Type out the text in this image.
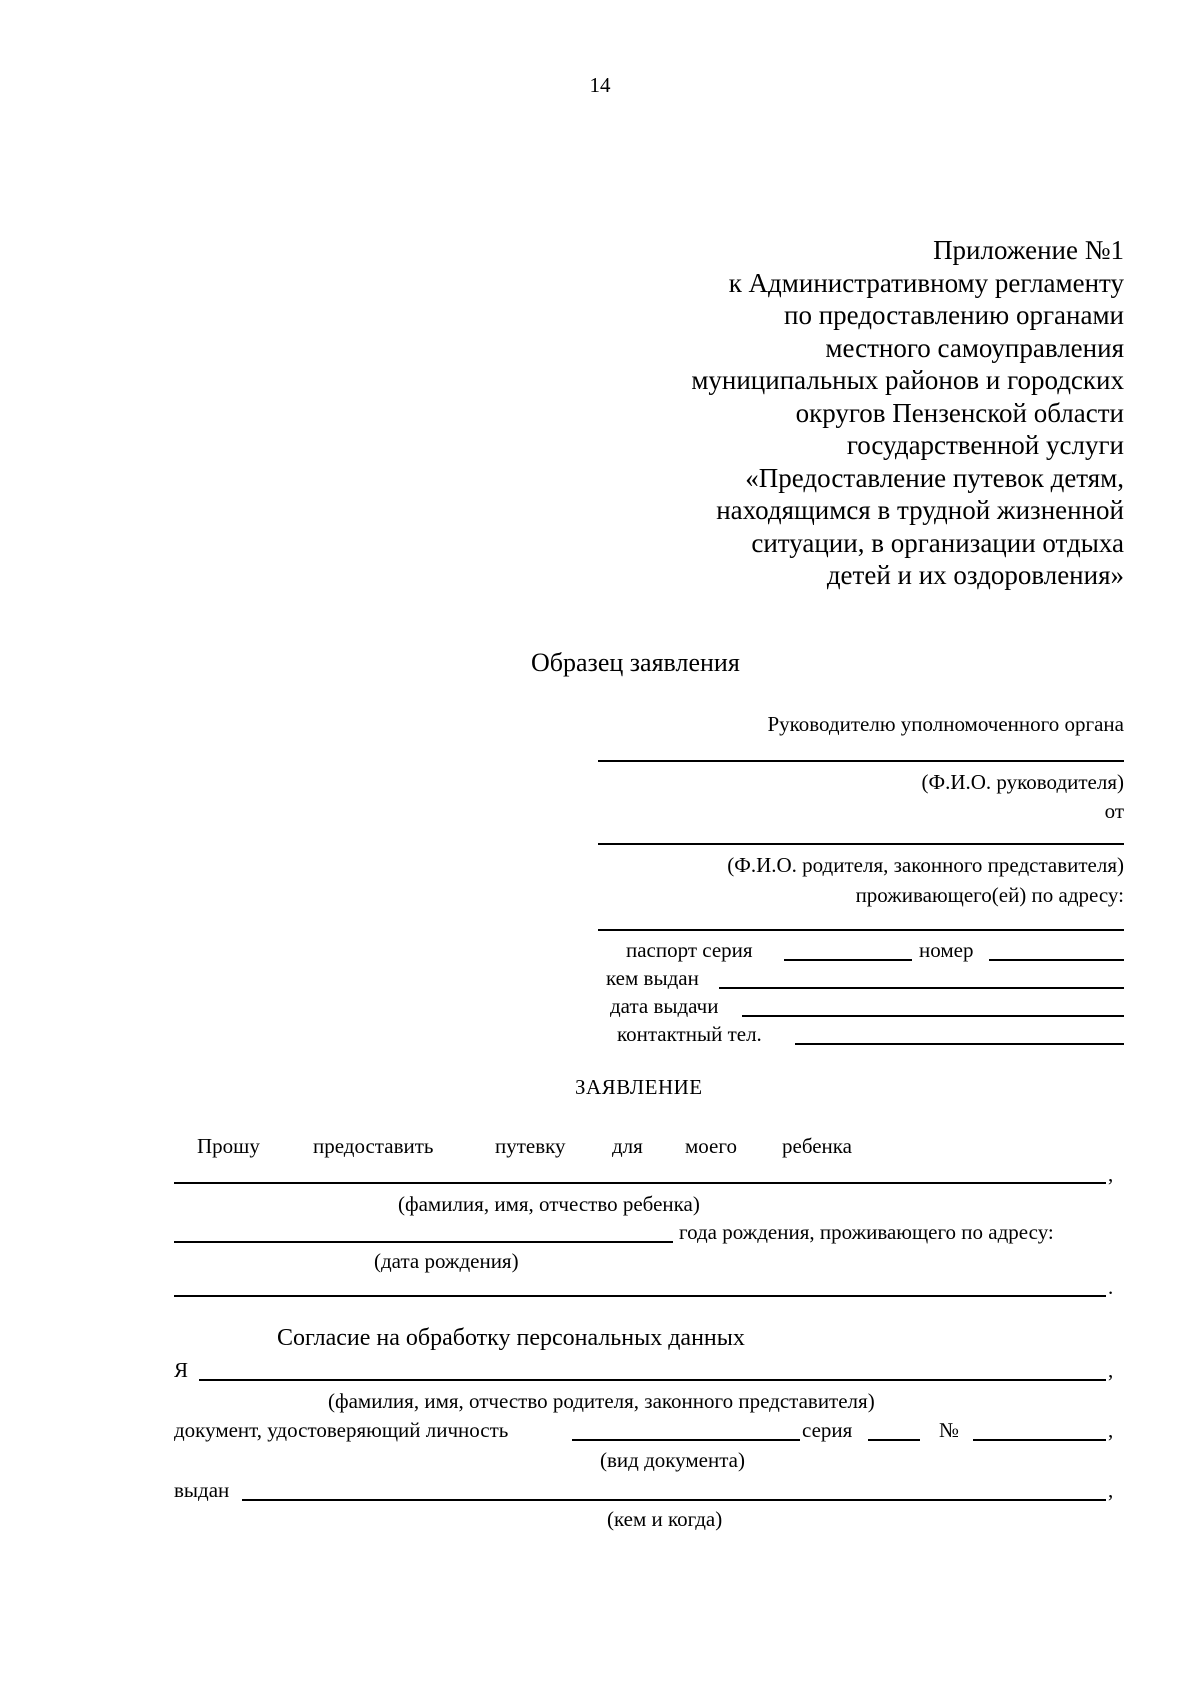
14
Приложение №1
к Административному регламенту
по предоставлению органами
местного самоуправления
муниципальных районов и городских
округов Пензенской области
государственной услуги
«Предоставление путевок детям,
находящимся в трудной жизненной
ситуации, в организации отдыха
детей и их оздоровления»
Образец заявления
Руководителю уполномоченного органа
(Ф.И.О. руководителя)
от
(Ф.И.О. родителя, законного представителя)
проживающего(ей) по адресу:
паспорт серия	номер
кем выдан
дата выдачи
контактный тел.
ЗАЯВЛЕНИЕ
Прошу	предоставить	путевку для моего ребенка
,
(фамилия, имя, отчество ребенка)
года рождения, проживающего по адресу:
(дата рождения)
.
Согласие на обработку персональных данных
Я	,
(фамилия, имя, отчество родителя, законного представителя)
документ, удостоверяющий личность	серия	№	,
(вид документа)
выдан	,
(кем и когда)
